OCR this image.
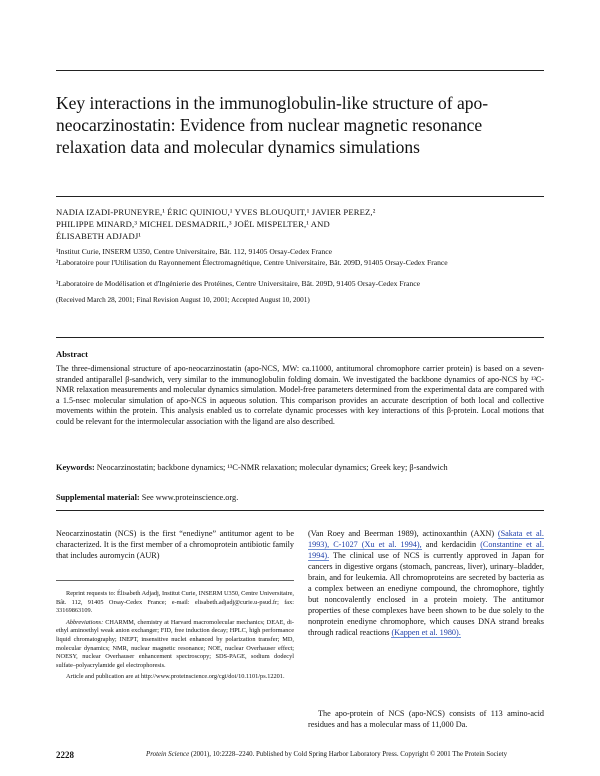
Key interactions in the immunoglobulin-like structure of apo-neocarzinostatin: Evidence from nuclear magnetic resonance relaxation data and molecular dynamics simulations
NADIA IZADI-PRUNEYRE,¹ ÉRIC QUINIOU,¹ YVES BLOUQUIT,¹ JAVIER PEREZ,²
PHILIPPE MINARD,³ MICHEL DESMADRIL,³ JOËL MISPELTER,¹ AND
ÉLISABETH ADJADJ¹
¹Institut Curie, INSERM U350, Centre Universitaire, Bât. 112, 91405 Orsay-Cedex France
²Laboratoire pour l'Utilisation du Rayonnement Électromagnétique, Centre Universitaire, Bât. 209D, 91405 Orsay-Cedex France
³Laboratoire de Modélisation et d'Ingénierie des Protéines, Centre Universitaire, Bât. 209D, 91405 Orsay-Cedex France
(Received March 28, 2001; Final Revision August 10, 2001; Accepted August 10, 2001)
Abstract

The three-dimensional structure of apo-neocarzinostatin (apo-NCS, MW: ca.11000, antitumoral chromophore carrier protein) is based on a seven-stranded antiparallel β-sandwich, very similar to the immunoglobulin folding domain. We investigated the backbone dynamics of apo-NCS by ¹³C-NMR relaxation measurements and molecular dynamics simulation. Model-free parameters determined from the experimental data are compared with a 1.5-nsec molecular simulation of apo-NCS in aqueous solution. This comparison provides an accurate description of both local and collective movements within the protein. This analysis enabled us to correlate dynamic processes with key interactions of this β-protein. Local motions that could be relevant for the intermolecular association with the ligand are also described.

Keywords: Neocarzinostatin; backbone dynamics; ¹³C-NMR relaxation; molecular dynamics; Greek key; β-sandwich
Supplemental material: See www.proteinscience.org.

Neocarzinostatin (NCS) is the first “enediyne” antitumor agent to be characterized. It is the first member of a chromoprotein antibiotic family that includes auromycin (AUR)

Reprint requests to: Élisabeth Adjadj, Institut Curie, INSERM U350, Centre Universitaire, Bât. 112, 91405 Orsay-Cedex France; e-mail: elisabeth.adjadj@curie.u-psud.fr; fax: 33169863109.

Abbreviations: CHARMM, chemistry at Harvard macromolecular mechanics; DEAE, di-ethyl aminoethyl weak anion exchanger; FID, free induction decay; HPLC, high performance liquid chromatography; INEPT, insensitive nuclei enhanced by polarization transfer; MD, molecular dynamics; NMR, nuclear magnetic resonance; NOE, nuclear Overhauser effect; NOESY, nuclear Overhauser enhancement spectroscopy; SDS-PAGE, sodium dodecyl sulfate–polyacrylamide gel electrophoresis.

Article and publication are at http://www.proteinscience.org/cgi/doi/10.1101/ps.12201.

(Van Roey and Beerman 1989), actinoxanthin (AXN) (Sakata et al. 1993), C-1027 (Xu et al. 1994), and kerdacidin (Constantine et al. 1994). The clinical use of NCS is currently approved in Japan for cancers in digestive organs (stomach, pancreas, liver), urinary–bladder, brain, and for leukemia. All chromoproteins are secreted by bacteria as a complex between an enediyne compound, the chromophore, tightly but noncovalently enclosed in a protein moiety. The antitumor properties of these complexes have been shown to be due solely to the nonprotein enediyne chromophore, which causes DNA strand breaks through radical reactions (Kappen et al. 1980).

The apo-protein of NCS (apo-NCS) consists of 113 amino-acid residues and has a molecular mass of 11,000 Da.

2228	Protein Science (2001), 10:2228–2240. Published by Cold Spring Harbor Laboratory Press. Copyright © 2001 The Protein Society
